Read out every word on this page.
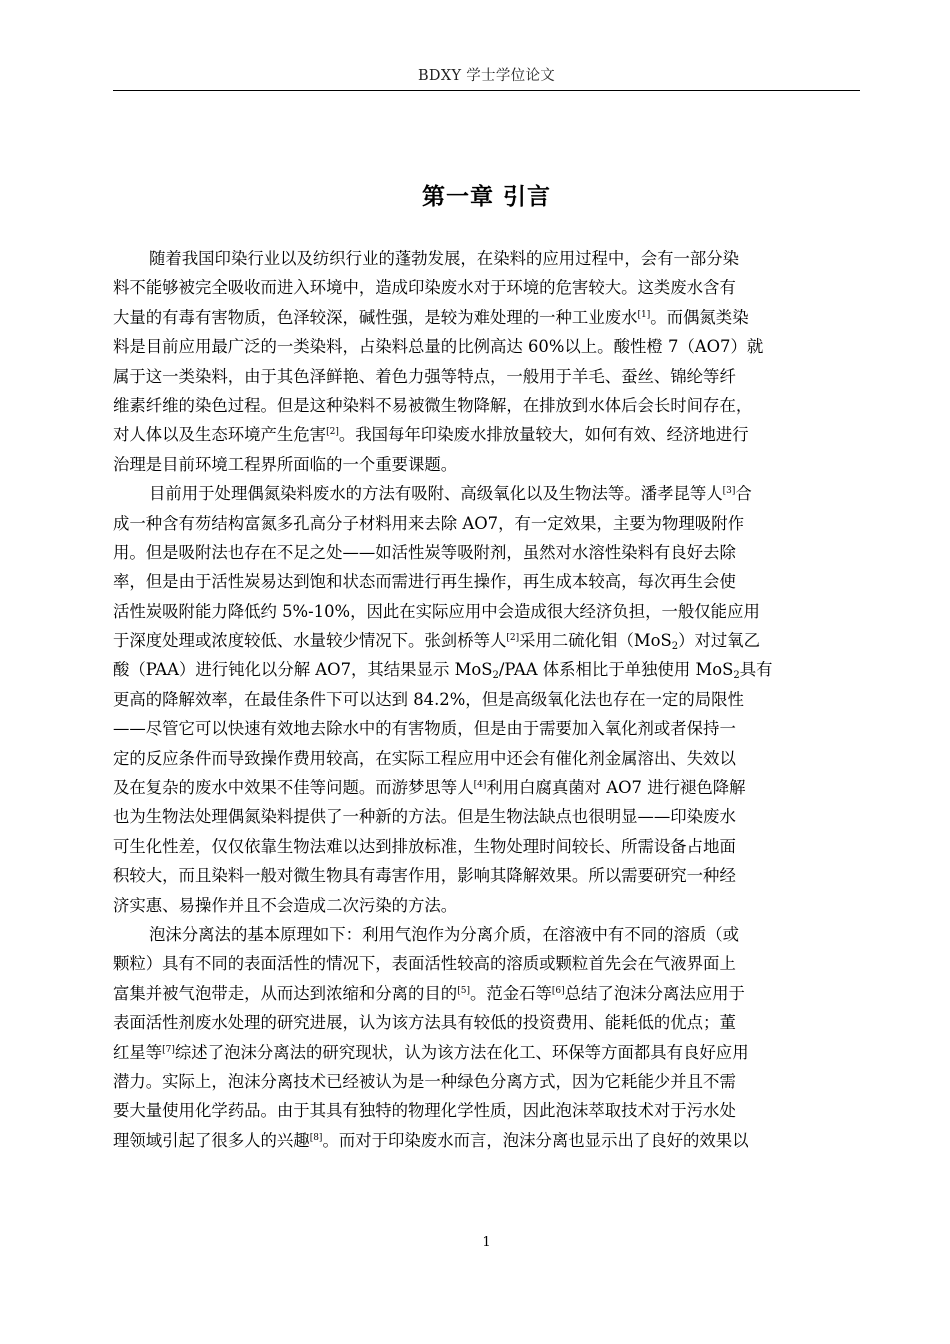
BDXY 学士学位论文
第一章 引言
随着我国印染行业以及纺织行业的蓬勃发展，在染料的应用过程中，会有一部分染
料不能够被完全吸收而进入环境中，造成印染废水对于环境的危害较大。这类废水含有
大量的有毒有害物质，色泽较深，碱性强，是较为难处理的一种工业废水[1]。而偶氮类染
料是目前应用最广泛的一类染料，占染料总量的比例高达 60%以上。酸性橙 7（AO7）就
属于这一类染料，由于其色泽鲜艳、着色力强等特点，一般用于羊毛、蚕丝、锦纶等纤
维素纤维的染色过程。但是这种染料不易被微生物降解，在排放到水体后会长时间存在，
对人体以及生态环境产生危害[2]。我国每年印染废水排放量较大，如何有效、经济地进行
治理是目前环境工程界所面临的一个重要课题。
目前用于处理偶氮染料废水的方法有吸附、高级氧化以及生物法等。潘孝昆等人[3]合
成一种含有芴结构富氮多孔高分子材料用来去除 AO7，有一定效果，主要为物理吸附作
用。但是吸附法也存在不足之处——如活性炭等吸附剂，虽然对水溶性染料有良好去除
率，但是由于活性炭易达到饱和状态而需进行再生操作，再生成本较高，每次再生会使
活性炭吸附能力降低约 5%-10%，因此在实际应用中会造成很大经济负担，一般仅能应用
于深度处理或浓度较低、水量较少情况下。张剑桥等人[2]采用二硫化钼（MoS$_2$）对过氧乙
酸（PAA）进行钝化以分解 AO7，其结果显示 MoS$_2$/PAA 体系相比于单独使用 MoS$_2$具有
更高的降解效率，在最佳条件下可以达到 84.2%，但是高级氧化法也存在一定的局限性
——尽管它可以快速有效地去除水中的有害物质，但是由于需要加入氧化剂或者保持一
定的反应条件而导致操作费用较高，在实际工程应用中还会有催化剂金属溶出、失效以
及在复杂的废水中效果不佳等问题。而游梦思等人[4]利用白腐真菌对 AO7 进行褪色降解
也为生物法处理偶氮染料提供了一种新的方法。但是生物法缺点也很明显——印染废水
可生化性差，仅仅依靠生物法难以达到排放标准，生物处理时间较长、所需设备占地面
积较大，而且染料一般对微生物具有毒害作用，影响其降解效果。所以需要研究一种经
济实惠、易操作并且不会造成二次污染的方法。
泡沫分离法的基本原理如下：利用气泡作为分离介质，在溶液中有不同的溶质（或
颗粒）具有不同的表面活性的情况下，表面活性较高的溶质或颗粒首先会在气液界面上
富集并被气泡带走，从而达到浓缩和分离的目的[5]。范金石等[6]总结了泡沫分离法应用于
表面活性剂废水处理的研究进展，认为该方法具有较低的投资费用、能耗低的优点；董
红星等[7]综述了泡沫分离法的研究现状，认为该方法在化工、环保等方面都具有良好应用
潜力。实际上，泡沫分离技术已经被认为是一种绿色分离方式，因为它耗能少并且不需
要大量使用化学药品。由于其具有独特的物理化学性质，因此泡沫萃取技术对于污水处
理领域引起了很多人的兴趣[8]。而对于印染废水而言，泡沫分离也显示出了良好的效果以
1
